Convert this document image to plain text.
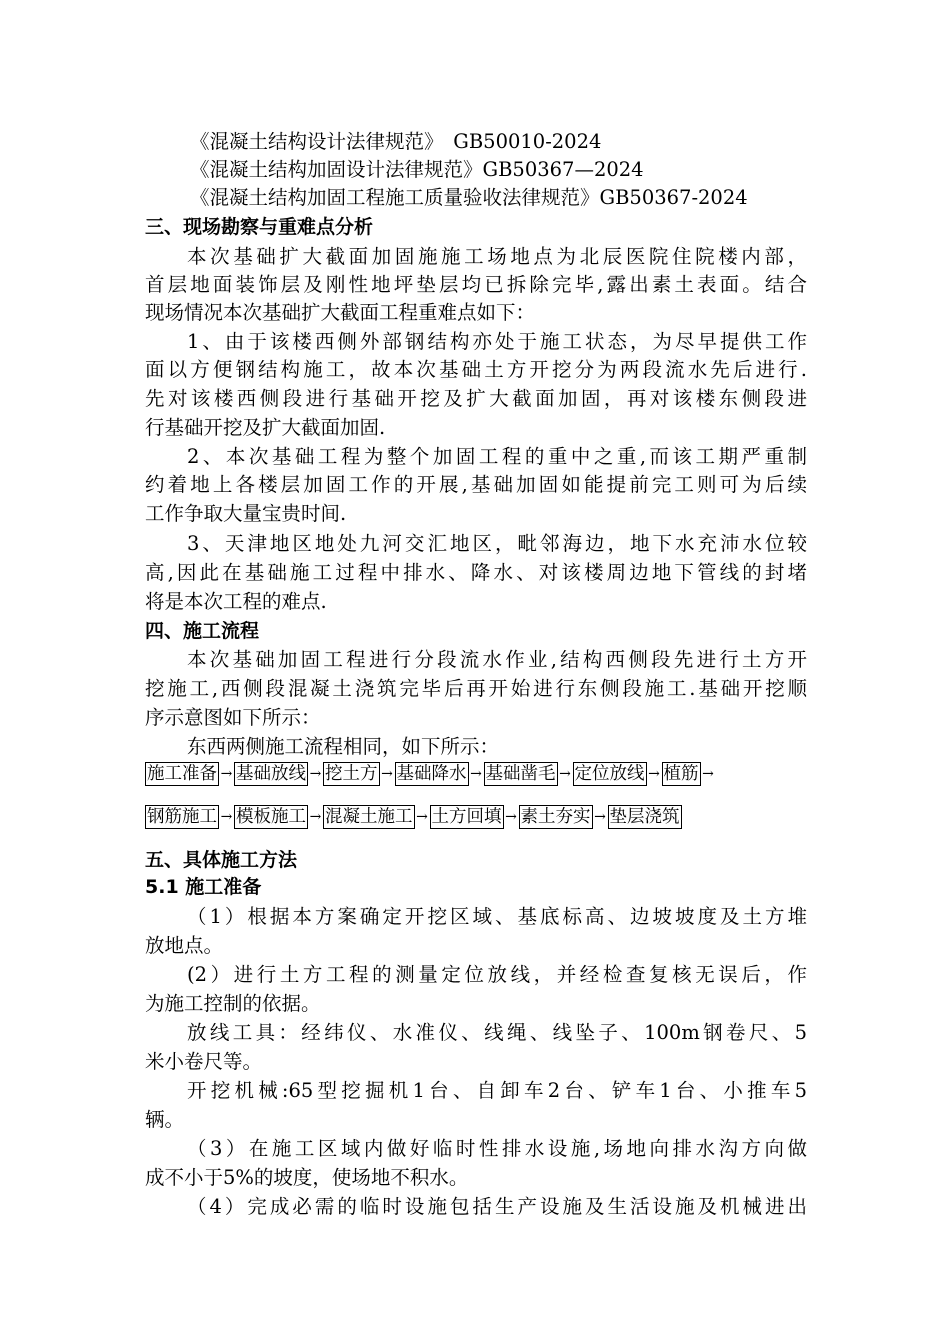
《混凝土结构设计法律规范》　GB50010-2024
《混凝土结构加固设计法律规范》GB50367—2024
《混凝土结构加固工程施工质量验收法律规范》GB50367-2024
三、现场勘察与重难点分析
本次基础扩大截面加固施施工场地点为北辰医院住院楼内部，
首层地面装饰层及刚性地坪垫层均已拆除完毕,露出素土表面。结合
现场情况本次基础扩大截面工程重难点如下：
1、由于该楼西侧外部钢结构亦处于施工状态，为尽早提供工作
面以方便钢结构施工，故本次基础土方开挖分为两段流水先后进行.
先对该楼西侧段进行基础开挖及扩大截面加固，再对该楼东侧段进
行基础开挖及扩大截面加固.
2、本次基础工程为整个加固工程的重中之重,而该工期严重制
约着地上各楼层加固工作的开展,基础加固如能提前完工则可为后续
工作争取大量宝贵时间.
3、天津地区地处九河交汇地区，毗邻海边，地下水充沛水位较
高,因此在基础施工过程中排水、降水、对该楼周边地下管线的封堵
将是本次工程的难点.
四、施工流程
本次基础加固工程进行分段流水作业,结构西侧段先进行土方开
挖施工,西侧段混凝土浇筑完毕后再开始进行东侧段施工.基础开挖顺
序示意图如下所示：
东西两侧施工流程相同，如下所示：
施工准备 → 基础放线 → 挖土方 → 基础降水 → 基础凿毛 → 定位放线 → 植筋 →
钢筋施工 → 模板施工 → 混凝土施工 → 土方回填 → 素土夯实 → 垫层浇筑
五、具体施工方法
5.1 施工准备
（1）根据本方案确定开挖区域、基底标高、边坡坡度及土方堆
放地点。
(2）进行土方工程的测量定位放线，并经检查复核无误后，作
为施工控制的依据。
放线工具：经纬仪、水准仪、线绳、线坠子、100m钢卷尺、5
米小卷尺等。
开挖机械:65型挖掘机1台、自卸车2台、铲车1台、小推车5
辆。
（3）在施工区域内做好临时性排水设施,场地向排水沟方向做
成不小于5%的坡度，使场地不积水。
（4）完成必需的临时设施包括生产设施及生活设施及机械进出
